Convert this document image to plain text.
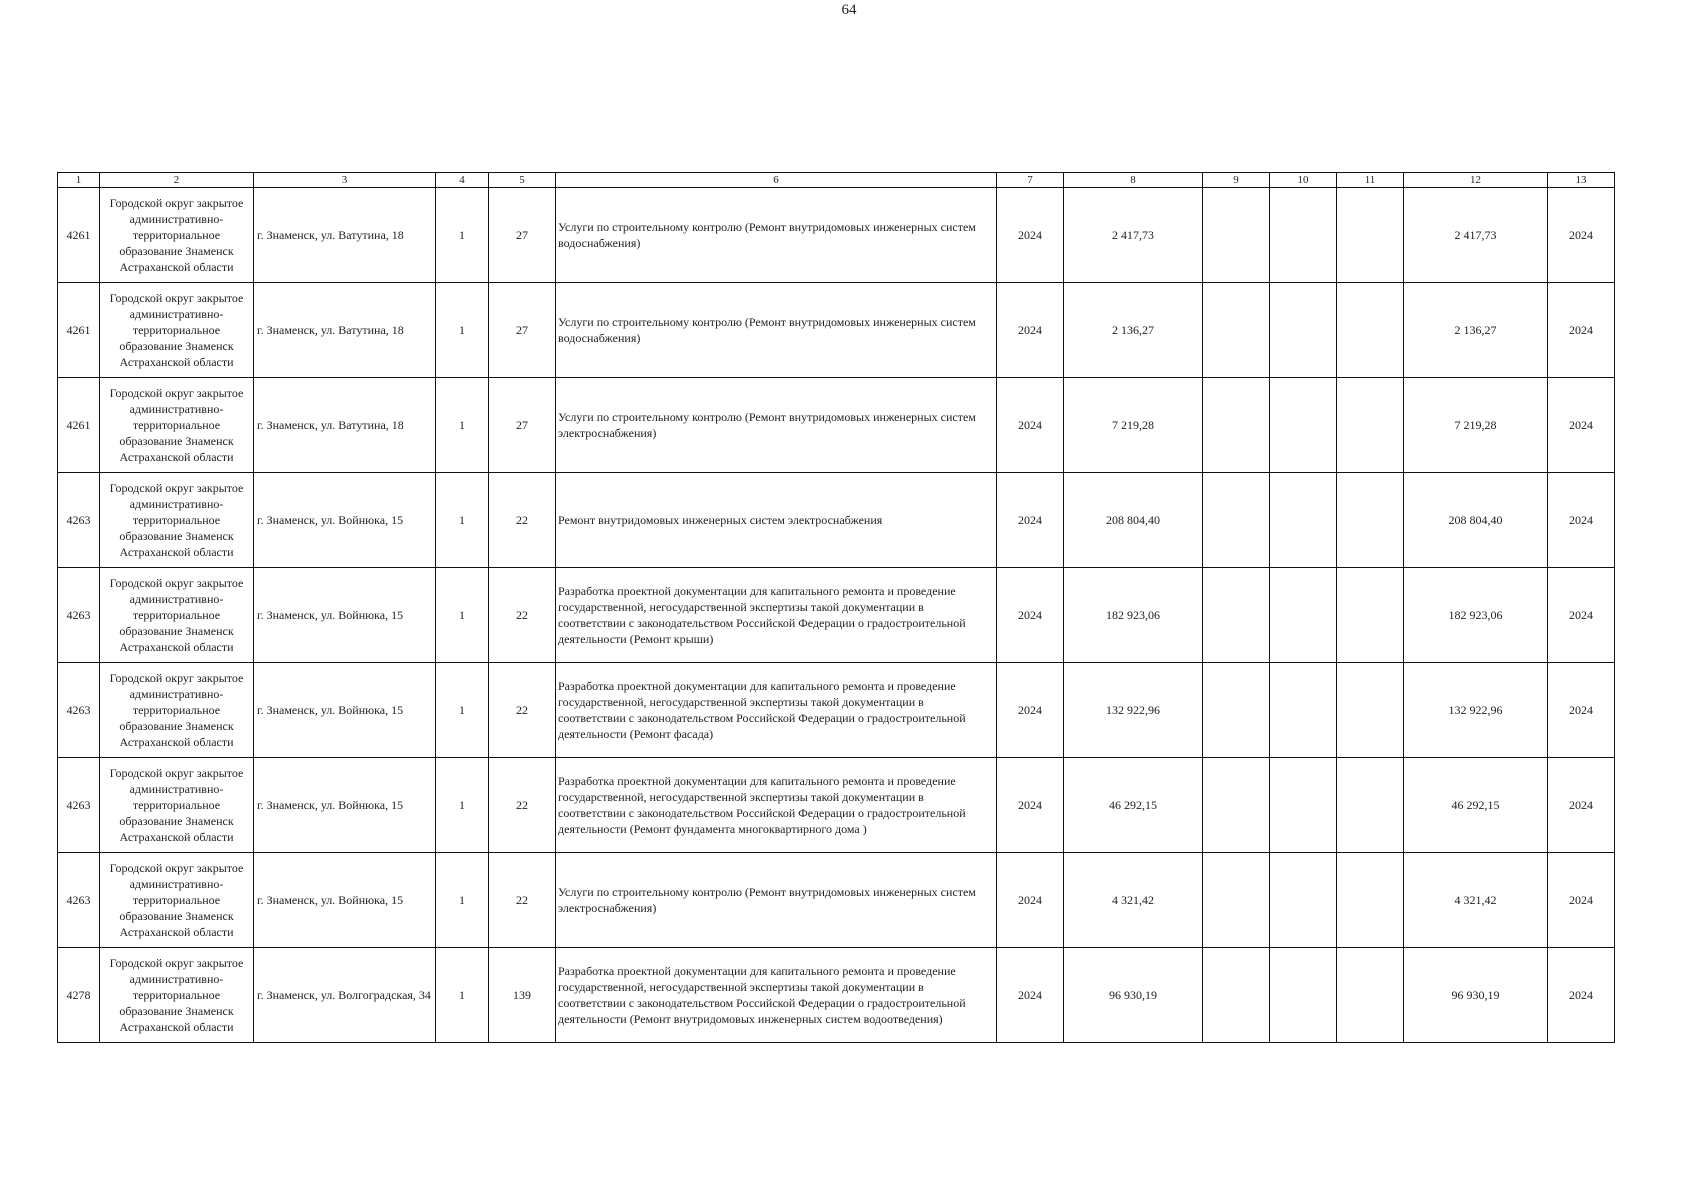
64
1	2	3	4	5	6	7	8	9	10	11	12	13
4261	Городской округ закрытое административно-территориальное образование Знаменск Астраханской области	г. Знаменск, ул. Ватутина, 18	1	27	Услуги по строительному контролю (Ремонт внутридомовых инженерных систем водоснабжения)	2024	2 417,73				2 417,73	2024
4261	Городской округ закрытое административно-территориальное образование Знаменск Астраханской области	г. Знаменск, ул. Ватутина, 18	1	27	Услуги по строительному контролю (Ремонт внутридомовых инженерных систем водоснабжения)	2024	2 136,27				2 136,27	2024
4261	Городской округ закрытое административно-территориальное образование Знаменск Астраханской области	г. Знаменск, ул. Ватутина, 18	1	27	Услуги по строительному контролю (Ремонт внутридомовых инженерных систем электроснабжения)	2024	7 219,28				7 219,28	2024
4263	Городской округ закрытое административно-территориальное образование Знаменск Астраханской области	г. Знаменск, ул. Войнюка, 15	1	22	Ремонт внутридомовых инженерных систем электроснабжения	2024	208 804,40				208 804,40	2024
4263	Городской округ закрытое административно-территориальное образование Знаменск Астраханской области	г. Знаменск, ул. Войнюка, 15	1	22	Разработка проектной документации для капитального ремонта и проведение государственной, негосударственной экспертизы такой документации в соответствии с законодательством Российской Федерации о градостроительной деятельности (Ремонт крыши)	2024	182 923,06				182 923,06	2024
4263	Городской округ закрытое административно-территориальное образование Знаменск Астраханской области	г. Знаменск, ул. Войнюка, 15	1	22	Разработка проектной документации для капитального ремонта и проведение государственной, негосударственной экспертизы такой документации в соответствии с законодательством Российской Федерации о градостроительной деятельности (Ремонт фасада)	2024	132 922,96				132 922,96	2024
4263	Городской округ закрытое административно-территориальное образование Знаменск Астраханской области	г. Знаменск, ул. Войнюка, 15	1	22	Разработка проектной документации для капитального ремонта и проведение государственной, негосударственной экспертизы такой документации в соответствии с законодательством Российской Федерации о градостроительной деятельности (Ремонт фундамента многоквартирного дома )	2024	46 292,15				46 292,15	2024
4263	Городской округ закрытое административно-территориальное образование Знаменск Астраханской области	г. Знаменск, ул. Войнюка, 15	1	22	Услуги по строительному контролю (Ремонт внутридомовых инженерных систем электроснабжения)	2024	4 321,42				4 321,42	2024
4278	Городской округ закрытое административно-территориальное образование Знаменск Астраханской области	г. Знаменск, ул. Волгоградская, 34	1	139	Разработка проектной документации для капитального ремонта и проведение государственной, негосударственной экспертизы такой документации в соответствии с законодательством Российской Федерации о градостроительной деятельности (Ремонт внутридомовых инженерных систем водоотведения)	2024	96 930,19				96 930,19	2024
